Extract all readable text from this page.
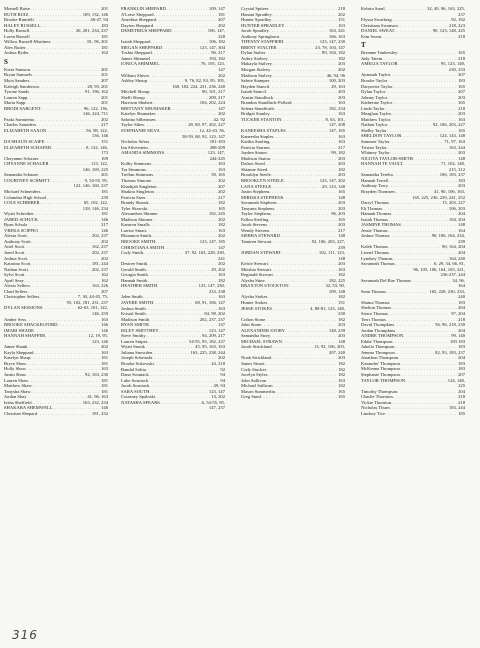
Montell Raise . . .	201
RUTH RUIZ . . .	109, 132, 146
Brooke Rumfelt . . .	46-47, 94
HALEY RUSSELL . . .	183
Holly Russell . . .	26, 201, 234, 237
Loren Russell . . .	181
Willow Russell-Martinez . . .	81, 96, 201
Alex Rutter . . .	181
Joshua Ryder . . .	162
S
Kiera Samson . . .	201
Bryan Samuels . . .	201
Myia Sanders . . .	207
Kaleigh Sanderson . . .	28, 93, 201
Tyrone Sands . . .	91, 196, 162
Lauren Sapp . . .	201
Maria Sapp . . .	201
BRODI SARGENT . . .	96, 122, 136,
146, 224, 711
Paola Sarmiento . . .	202
Charles Saunders . . .	217
ELIZABETH SAXON . . .	56, 98, 122,
136, 146
DA'SHAUN SCAIFE . . .	151
ELIZABETH SCHAFER . . .	8, 122, 146,
173
Cheyanne Schauer . . .	169
CHYANNE SCHAUER . . .	113, 122,
146, 169, 225
Samantha Schauer . . .	201
COURTNEY SCHMITT . . .	9, 54-55, 95,
122, 146, 160, 237
Michael Schneiders . . .	181
Columbia High School . . .	239
COLE SCHRIBER . . .	65, 102, 122,
128, 146, 234
Wyatt Schreiber . . .	181
JARED SCHUCK . . .	146
Ryan Schulz . . .	217
VREKA SCIPPIO . . .	146
Alexia Scott . . .	202, 237
Anthony Scott . . .	202
Ariel Scott . . .	162, 237
Jared Scott . . .	202, 237
Joshua Scott . . .	202
Katarina Scott . . .	181, 244
Nathan Scott . . .	202, 237
Sylvi Scott . . .	162
April Seay . . .	162
Alexis Sellers . . .	163, 226
Chad Sellers . . .	207
Christopher Sellers . . .	7, 30, 44-45, 75,
95, 102, 181, 231, 237
DYLAN SESSIONS . . .	62-63, 101, 122,
146, 259
Amber Sess . . .	163
BROOKE SHACKELFORD . . .	146
IMARI SHADE . . .	146
HANNAH SHAFFER . . .	12, 19, 95,
123, 146
Jamie Shank . . .	202
Kayla Sheppard . . .	163
Katelyn Sharp . . .	181
Bryce Shaw . . .	181
Holly Shaw . . .	163
Justin Shaw . . .	92, 163, 230
Lauren Shaw . . .	181
Matthew Shaw . . .	181
Tanysha Shaw . . .	181
Jordan Shay . . .	41, 96, 163
Iesha Sheffield . . .	163, 232, 234
SHAKARA SHEMWELL . . .	146
Christian Shepard . . .	181, 232
FRANKLIN SHEPARD . . .	109, 147
A'Leise Sheppard . . .	181
Anzelina Sheppard . . .	207
Dayton Sheppard . . .	202
DEMETRIUS SHEPPARD . . .	106, 147,
228
Isaiah Sheppard . . .	106, 182
MEGAN SHEPPARD . . .	123, 147, 304
Toshia Sheppard . . .	96, 217
James Shimmel . . .	194, 182
IONICA SHIMMEL . . .	76, 105, 123,
147
William Shiver . . .	202
Ashley Shoup . . .	9, 76, 82, 93, 95, 105,
160, 182, 224, 231, 236, 240
Mitchell Shoup . . .	90, 101, 217
Shelli Shoup . . .	209, 217
Harrison Shubert . . .	104, 202, 224
BRITTANY SHUMAKER . . .	147
Katelyn Shumaker . . .	202
Sabrina Silbernsen . . .	42, 92
Taylor Sikes . . .	28, 80, 97, 202, 227
STEPHANIE SILVA . . .	12, 42-43, 56,
58-59, 68, 92, 123, 147
Nicholas Sifers . . .	181-183
Ian Silverstein . . .	208-209
AMANDA SIMMONS . . .	123, 147,
244-245
Kolby Simmons . . .	163
Tra Simmons . . .	163
Treffan Simmons . . .	58, 165
Thomas Simone . . .	202
Khadijah Singleton . . .	207
Shakira Singleton . . .	202
Patricia Sizer . . .	217
Brandy Skaruk . . .	182
Tyler Skawski . . .	165
Alexandrea Skinner . . .	182, 245
Madison Skinner . . .	202
Kamron Smalls . . .	182
Larrise Smart . . .	163
Rhiannon Smith . . .	202
BROOKE SMITH . . .	123, 147, 185
CHRISTIANA SMITH . . .	147
Cody Smith . . .	37, 92, 163, 228, 230,
241
Desiree Smith . . .	202
Gerald Smith . . .	29, 202
Georgia Smith . . .	163
Hannah Smith . . .	182
HEATHER SMITH . . .	123, 147, 230,
233, 238
Jalen Smith . . .	163
JAYERE SMITH . . .	68, 91, 106, 147
Joshua Smith . . .	163
Kristal Smith . . .	84, 98, 202
Madison Smith . . .	202, 237, 237
RYAN SMITH . . .	147
RILEY SMITTHEY . . .	123, 147
Steve Smithy . . .	94, 209, 217
Lauren Snipes . . .	54-55, 95, 182, 237
Wyatt Snook . . .	45, 95, 163, 163
Juliana Snowden . . .	163, 225, 238, 244
Joseph Sobrinski . . .	202
Brooke Sokowski . . .	44, 218
Randal Solito . . .	92
Dano Sosniack . . .	94
Luke Sosniack . . .	94
Jacob Sosniack . . .	49, 94
SARA SOUTH . . .	123, 147
Courtney Spaloski . . .	14, 202
NATASHA SPEARS . . .	6, 54-55, 95,
147, 237
Crystal Spitzer . . .	218
Hanani Spradley . . .	202
Hunter Spradley . . .	151
HUNTER SPRADLEY . . .	163
Jacob Spradley . . .	163, 241
Anthony Springborn . . .	166, 163
TIFFANY STAFFIERI . . .	123, 147, 230
BRENT STALTER . . .	23, 78, 104, 147
Dylan Stalter . . .	89, 104, 182
Aubry Stalvey . . .	182
Makayla Stalvey . . .	203
Morgan Stalvey . . .	202
Madison Stalvey . . .	46, 94, 96
Sabrie Stamper . . .	100, 203
Hayden Stancil . . .	29, 163
Isaiah Stancil . . .	203
Austin Standfuck . . .	203
Brandon Standfuck-Pollard . . .	163
Selena Standforth . . .	182, 234
Bridget Stanley . . .	163
TUCKER STANTON . . .	8, 63, 101,
147, 208
KANEESHA STAPLES . . .	147, 165
Kaneesha Staples . . .	163
Kaitlin Starling . . .	163
Patricia Starnes . . .	217
Jayden Staton . . .	99, 182
Madison Staton . . .	203
Dalton Steed . . .	203
Shianne Steed . . .	182
Brooklyn Steele . . .	203
BROOKLYN STEELE . . .	123, 147, 202
LANA STEELE . . .	29, 123, 148
Justin Stephens . . .	165
MIRISSA STEPHENS . . .	148
Savannah Stephens . . .	203
Tanyana Stephens . . .	203
Taylor Stephens . . .	96, 203
Fallon Sterling . . .	165
Jacob Stevens . . .	203
Wendy Stevens . . .	217
SIERRA STEWARD . . .	148
Tamiren Stewart . . .	92, 106, 203, 227,
239
JORDAN STEWART . . .	102, 111, 123,
148
Kelsie Stewart . . .	203
Mieshia Stewart . . .	163
Reginald Stewart . . .	182
Alysha Stine . . .	182, 225
BRAXTON STOCKTON . . .	32, 53, 90,
109, 148
Alysha Stokes . . .	182
Hunter Stokes . . .	151
JESSE STOKES . . .	4, 80-81, 123, 148,
230
Colton Stone . . .	182
John Stone . . .	203
ALEXANDER STORY . . .	148, 239
Samantha Story . . .	203
MICHAEL STRAWN . . .	148
Jacob Strickland . . .	13, 92, 106, 203,
207, 240
Noah Strickland . . .	203
James Stuart . . .	182
Cody Stucker . . .	182
Jocelyn Styles . . .	182
John Sullivan . . .	163
Michael Sullivan . . .	182
Mason Summerlin . . .	165
Greg Sund . . .	165
Kehrin Sural . . .	32, 40, 96, 163, 225,
237
Elyssa Swarberg . . .	92, 182
Christiana Swanson . . .	218, 223
DANIEL SWEAT . . .	90, 123, 148, 225
Kim Sweat . . .	218
T
Breanne Tankersley . . .	165
Judy Tatem . . .	218
AMELIA TAYLOR . . .	95, 123, 148,
230, 233
Ayannah Taylor . . .	207
Brooke Taylor . . .	183
Daryneise Taylor . . .	165
Dylan Taylor . . .	207
Johnny Taylor . . .	203
Katherine Taylor . . .	165
Linda Taylor . . .	218
Meaghan Taylor . . .	203
Matthew Taylor . . .	163
Nathan Taylor . . .	92, 106, 203, 227
Shelby Taylor . . .	165
SHELDON TAYLOR . . .	124, 143, 148
Summer Taylor . . .	71, 97, 163
Tristan Taylor . . .	163, 244
Whitney Taylor . . .	203
NICOYA TAYLOR-SMITH . . .	148
HANNAH TE VAULT . . .	71, 102, 148,
215, 312
Samantha Terebo . . .	106, 183, 237
Hannah Terrell . . .	183
Anthony Terry . . .	203
Brayden Thomsen . . .	41, 90, 106, 163,
165, 225, 236, 239, 241, 252
Darryl Thomas . . .	15, 203, 227
Eli Thomas . . .	106, 203
Hannah Thomas . . .	204
Isaiah Thomas . . .	104, 204
JASMINE THOMAS . . .	148
Jessie Thomas . . .	164
Joshua Thomas . . .	90, 106, 164, 234,
239
Kaleb Thomas . . .	90, 164, 204
Lionel Thomas . . .	204
Lyndsey Thomas . . .	164, 240
Savannah Thomas . . .	6, 29, 34, 66, 81,
96, 105, 106, 164, 165, 221,
236-237, 244
Savannah Del Rae Thomas . . .	34, 96,
164
Sean Thomas . . .	165, 228, 230, 233,
240
Shaina Thomas . . .	183
Shelton Thomas . . .	204
Sierra Thomas . . .	97, 204
Terri Thomas . . .	218
David Thompkins . . .	56, 96, 218, 230
Jordan Thompkins . . .	204
ANDRE THOMPSON . . .	99, 140
Eddie Thompson . . .	183 183
Jakeila Thompson . . .	183
Jemma Thompson . . .	82, 93, 183, 237
Jonathon Thompson . . .	204
Kasandre' Thompson . . .	183
McKenna Thompson . . .	183
Stephanie Thompson . . .	207
TAYLOR THOMPSON . . .	124, 148,
225
Timothy Thompson . . .	204
Charlie Thornton . . .	218
Vickie Thornton . . .	218
Nicholas Thurn . . .	183, 244
Lindsey Tice . . .	185
316
